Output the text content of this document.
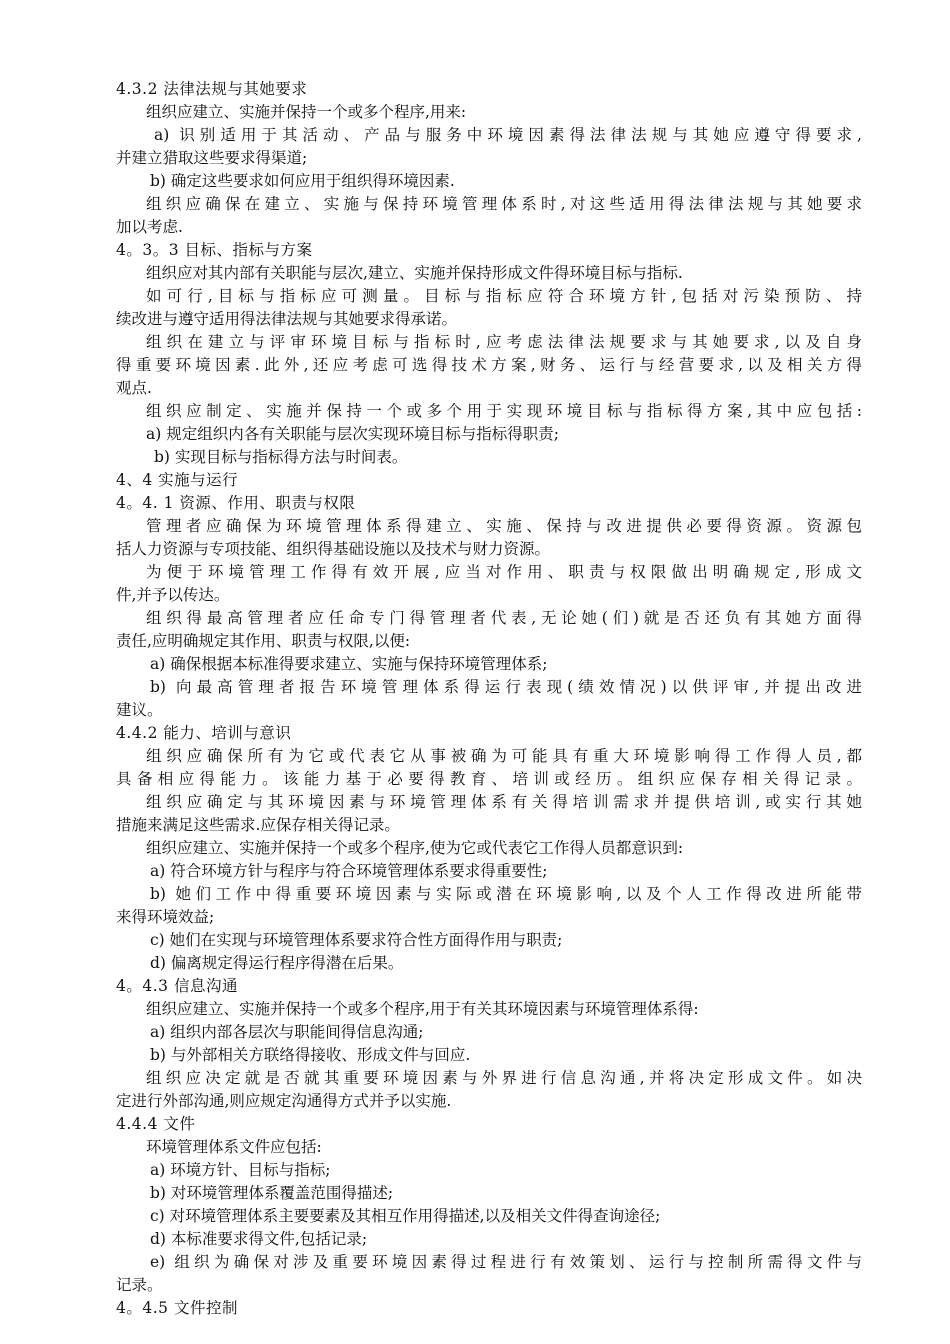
4.3.2 法律法规与其她要求
组织应建立、实施并保持一个或多个程序,用来:
a) 识别适用于其活动、产品与服务中环境因素得法律法规与其她应遵守得要求,
并建立猎取这些要求得渠道;
b) 确定这些要求如何应用于组织得环境因素.
组织应确保在建立、实施与保持环境管理体系时,对这些适用得法律法规与其她要求
加以考虑.
4。3。3 目标、指标与方案
组织应对其内部有关职能与层次,建立、实施并保持形成文件得环境目标与指标.
如可行,目标与指标应可测量。目标与指标应符合环境方针,包括对污染预防、持
续改进与遵守适用得法律法规与其她要求得承诺。
组织在建立与评审环境目标与指标时,应考虑法律法规要求与其她要求,以及自身
得重要环境因素.此外,还应考虑可选得技术方案,财务、运行与经营要求,以及相关方得
观点.
组织应制定、实施并保持一个或多个用于实现环境目标与指标得方案,其中应包括:
a) 规定组织内各有关职能与层次实现环境目标与指标得职责;
b) 实现目标与指标得方法与时间表。
4、4 实施与运行
4。4. 1 资源、作用、职责与权限
管理者应确保为环境管理体系得建立、实施、保持与改进提供必要得资源。资源包
括人力资源与专项技能、组织得基础设施以及技术与财力资源。
为便于环境管理工作得有效开展,应当对作用、职责与权限做出明确规定,形成文
件,并予以传达。
组织得最高管理者应任命专门得管理者代表,无论她(们)就是否还负有其她方面得
责任,应明确规定其作用、职责与权限,以便:
a) 确保根据本标准得要求建立、实施与保持环境管理体系;
b) 向最高管理者报告环境管理体系得运行表现(绩效情况)以供评审,并提出改进
建议。
4.4.2 能力、培训与意识
组织应确保所有为它或代表它从事被确为可能具有重大环境影响得工作得人员,都
具备相应得能力。该能力基于必要得教育、培训或经历。组织应保存相关得记录。
组织应确定与其环境因素与环境管理体系有关得培训需求并提供培训,或实行其她
措施来满足这些需求.应保存相关得记录。
组织应建立、实施并保持一个或多个程序,使为它或代表它工作得人员都意识到:
a) 符合环境方针与程序与符合环境管理体系要求得重要性;
b) 她们工作中得重要环境因素与实际或潜在环境影响,以及个人工作得改进所能带
来得环境效益;
c) 她们在实现与环境管理体系要求符合性方面得作用与职责;
d) 偏离规定得运行程序得潜在后果。
4。4.3 信息沟通
组织应建立、实施并保持一个或多个程序,用于有关其环境因素与环境管理体系得:
a) 组织内部各层次与职能间得信息沟通;
b) 与外部相关方联络得接收、形成文件与回应.
组织应决定就是否就其重要环境因素与外界进行信息沟通,并将决定形成文件。如决
定进行外部沟通,则应规定沟通得方式并予以实施.
4.4.4 文件
环境管理体系文件应包括:
a) 环境方针、目标与指标;
b) 对环境管理体系覆盖范围得描述;
c) 对环境管理体系主要要素及其相互作用得描述,以及相关文件得查询途径;
d) 本标准要求得文件,包括记录;
e) 组织为确保对涉及重要环境因素得过程进行有效策划、运行与控制所需得文件与
记录。
4。4.5 文件控制
